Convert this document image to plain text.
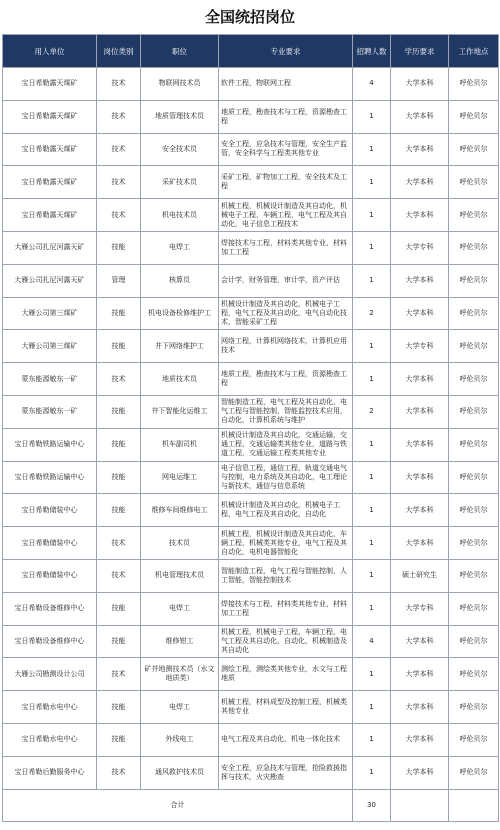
全国统招岗位
用人单位	岗位类别	职位	专业要求	招聘人数	学历要求	工作地点
宝日希勒露天煤矿	技术	物联网技术员	软件工程，物联网工程	4	大学本科	呼伦贝尔
宝日希勒露天煤矿	技术	地质管理技术员	地质工程，勘查技术与工程，资源勘查工程	1	大学本科	呼伦贝尔
宝日希勒露天煤矿	技术	安全技术员	安全工程，应急技术与管理，安全生产监管，安全科学与工程类其他专业	1	大学本科	呼伦贝尔
宝日希勒露天煤矿	技术	采矿技术员	采矿工程，矿物加工工程，安全技术及工程	1	大学本科	呼伦贝尔
宝日希勒露天煤矿	技术	机电技术员	机械工程，机械设计制造及其自动化，机械电子工程，车辆工程，电气工程及其自动化，电子信息工程技术	1	大学本科	呼伦贝尔
大雁公司扎尼河露天矿	技能	电焊工	焊接技术与工程，材料类其他专业，材料加工工程	1	大学专科	呼伦贝尔
大雁公司扎尼河露天矿	管理	核算员	会计学，财务管理，审计学，资产评估	1	大学本科	呼伦贝尔
大雁公司第三煤矿	技能	机电设备检修维护工	机械设计制造及其自动化，机械电子工程，电气工程及其自动化，电气自动化技术，智能采矿工程	2	大学本科	呼伦贝尔
大雁公司第三煤矿	技能	井下网络维护工	网络工程，计算机网络技术，计算机应用技术	1	大学专科	呼伦贝尔
蒙东能源敏东一矿	技术	地质技术员	地质工程，勘查技术与工程，资源勘查工程	1	大学本科	呼伦贝尔
蒙东能源敏东一矿	技能	井下智能化运维工	智能制造工程，电气工程及其自动化，电气工程与智能控制，智能监控技术应用，自动化，计算机系统与维护	2	大学本科	呼伦贝尔
宝日希勒铁路运输中心	技能	机车副司机	机械设计制造及其自动化，交通运输，交通工程，交通运输类其他专业，道路与铁道工程，交通运输工程类其他专业	1	大学本科	呼伦贝尔
宝日希勒铁路运输中心	技能	网电运维工	电子信息工程，通信工程，轨道交通电气与控制，电力系统及其自动化，电工理论与新技术，通信与信息系统	1	大学本科	呼伦贝尔
宝日希勒储装中心	技能	维修车间维修电工	机械设计制造及其自动化，机械电子工程，电气工程及其自动化，自动化	1	大学本科	呼伦贝尔
宝日希勒储装中心	技术	技术员	机械工程，机械设计制造及其自动化，车辆工程，机械类其他专业，电气工程及其自动化，电机电器智能化	1	大学本科	呼伦贝尔
宝日希勒储装中心	技术	机电管理技术员	智能制造工程，电气工程与智能控制，人工智能，智能控制技术	1	硕士研究生	呼伦贝尔
宝日希勒设备维修中心	技能	电焊工	焊接技术与工程，材料类其他专业，材料加工工程	1	大学专科	呼伦贝尔
宝日希勒设备维修中心	技能	维修钳工	机械工程，机械电子工程，车辆工程，电气工程及其自动化，自动化，机械制造及其自动化	4	大学本科	呼伦贝尔
大雁公司勘测设计公司	技术	矿井地测技术员（水文地质类）	测绘工程，测绘类其他专业，水文与工程地质	1	大学本科	呼伦贝尔
宝日希勒水电中心	技能	电焊工	机械工程，材料成型及控制工程，机械类其他专业	1	大学本科	呼伦贝尔
宝日希勒水电中心	技能	外线电工	电气工程及其自动化，机电一体化技术	1	大学本科	呼伦贝尔
宝日希勒后勤服务中心	技术	通风救护技术员	安全工程，应急技术与管理，抢险救援指挥与技术，火灾勘查	1	大学本科	呼伦贝尔
合计				30		
